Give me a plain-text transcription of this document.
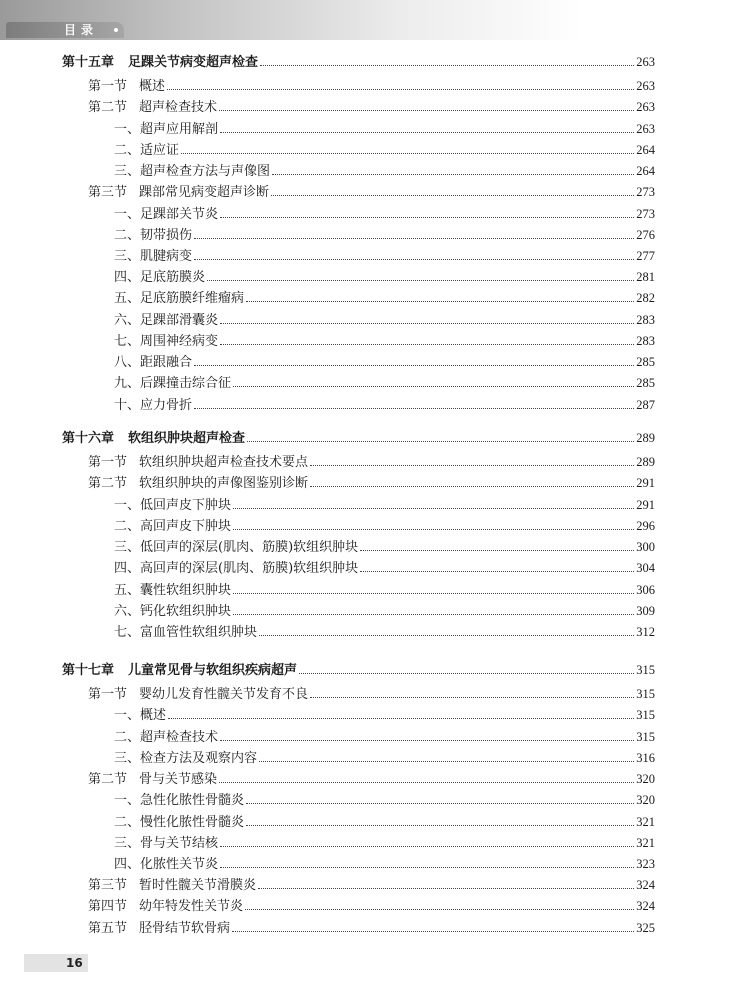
目录
第十五章 足踝关节病变超声检查	263
第一节 概述	263
第二节 超声检查技术	263
一、超声应用解剖	263
二、适应证	264
三、超声检查方法与声像图	264
第三节 踝部常见病变超声诊断	273
一、足踝部关节炎	273
二、韧带损伤	276
三、肌腱病变	277
四、足底筋膜炎	281
五、足底筋膜纤维瘤病	282
六、足踝部滑囊炎	283
七、周围神经病变	283
八、距跟融合	285
九、后踝撞击综合征	285
十、应力骨折	287
第十六章 软组织肿块超声检查	289
第一节 软组织肿块超声检查技术要点	289
第二节 软组织肿块的声像图鉴别诊断	291
一、低回声皮下肿块	291
二、高回声皮下肿块	296
三、低回声的深层(肌肉、筋膜)软组织肿块	300
四、高回声的深层(肌肉、筋膜)软组织肿块	304
五、囊性软组织肿块	306
六、钙化软组织肿块	309
七、富血管性软组织肿块	312
第十七章 儿童常见骨与软组织疾病超声	315
第一节 婴幼儿发育性髋关节发育不良	315
一、概述	315
二、超声检查技术	315
三、检查方法及观察内容	316
第二节 骨与关节感染	320
一、急性化脓性骨髓炎	320
二、慢性化脓性骨髓炎	321
三、骨与关节结核	321
四、化脓性关节炎	323
第三节 暂时性髋关节滑膜炎	324
第四节 幼年特发性关节炎	324
第五节 胫骨结节软骨病	325
16
